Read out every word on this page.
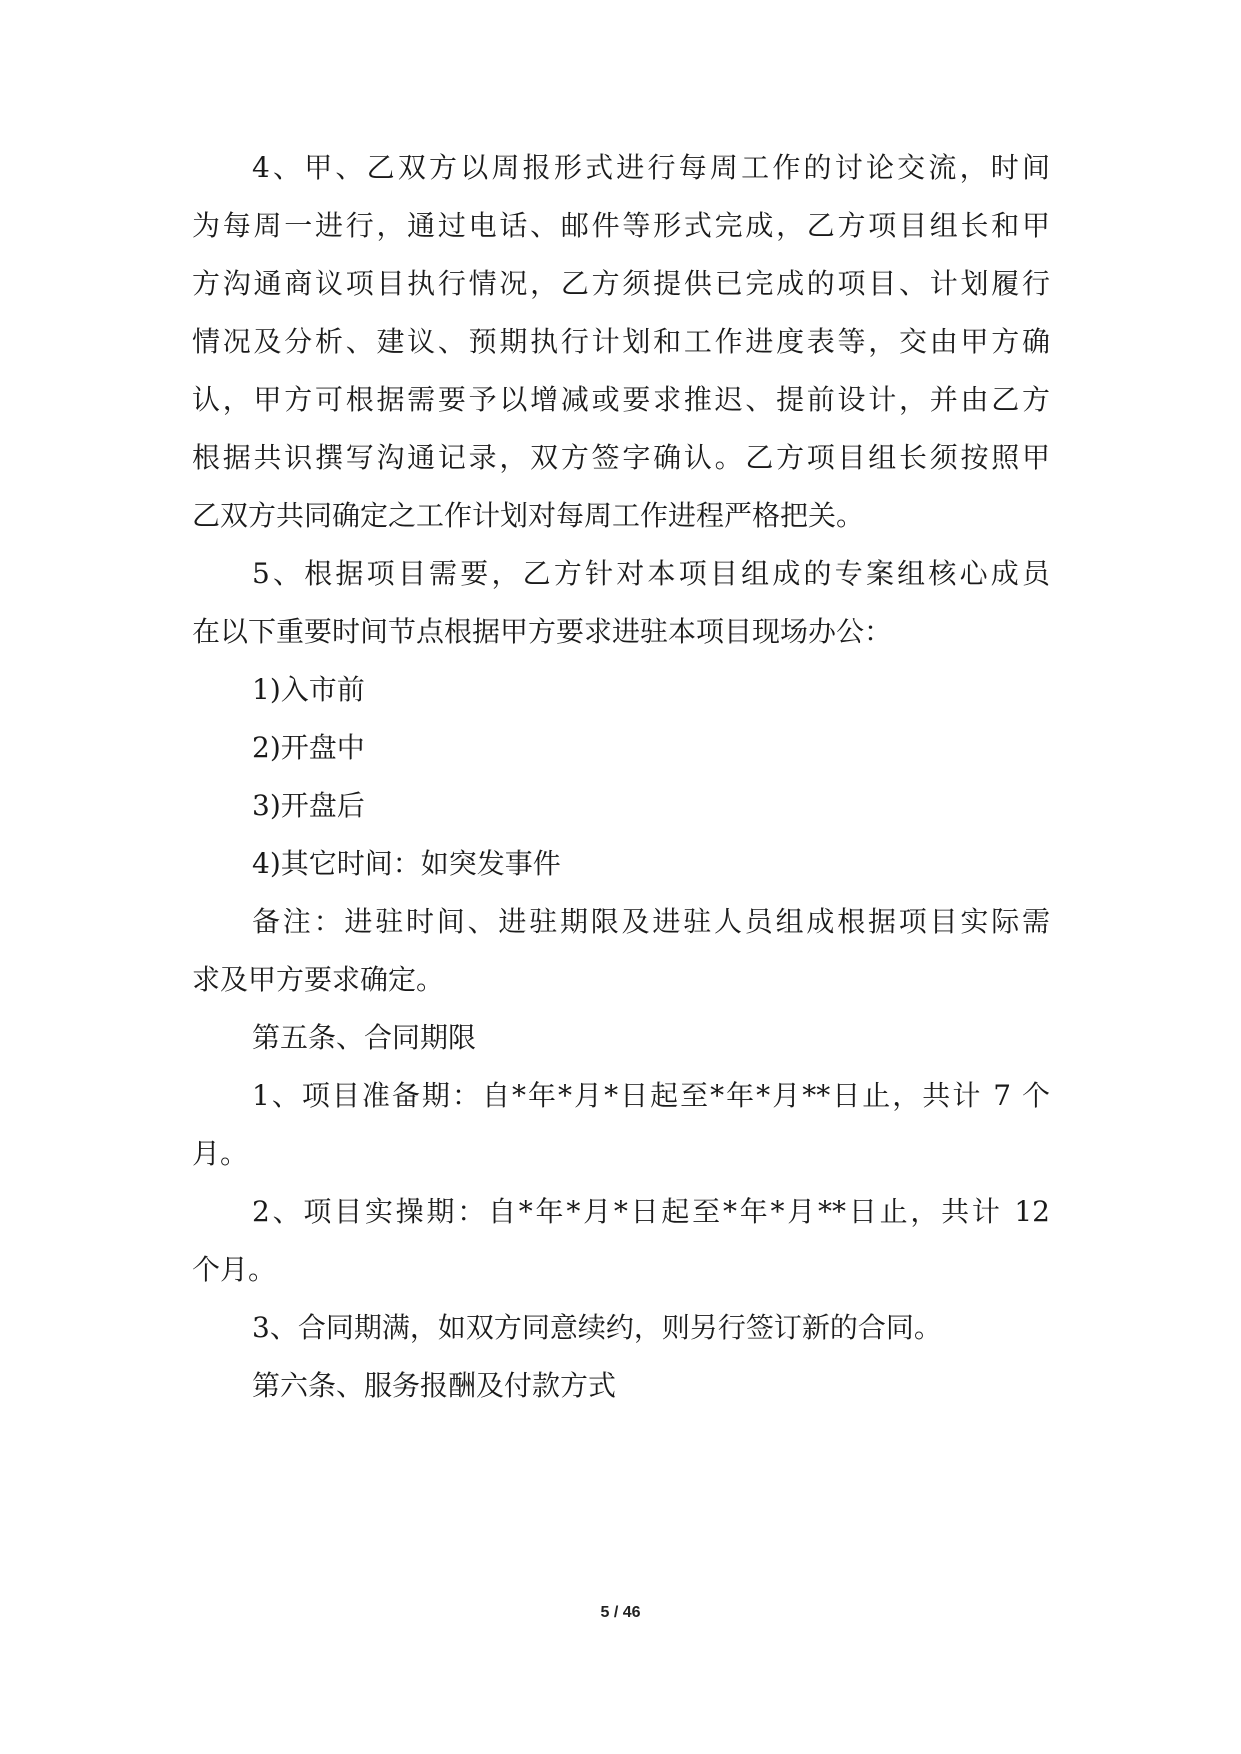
4、甲、乙双方以周报形式进行每周工作的讨论交流，时间

为每周一进行，通过电话、邮件等形式完成，乙方项目组长和甲

方沟通商议项目执行情况，乙方须提供已完成的项目、计划履行

情况及分析、建议、预期执行计划和工作进度表等，交由甲方确

认，甲方可根据需要予以增减或要求推迟、提前设计，并由乙方

根据共识撰写沟通记录，双方签字确认。乙方项目组长须按照甲

乙双方共同确定之工作计划对每周工作进程严格把关。

5、根据项目需要，乙方针对本项目组成的专案组核心成员

在以下重要时间节点根据甲方要求进驻本项目现场办公：

1)入市前

2)开盘中

3)开盘后

4)其它时间：如突发事件

备注：进驻时间、进驻期限及进驻人员组成根据项目实际需

求及甲方要求确定。

第五条、合同期限

1、项目准备期：自*年*月*日起至*年*月**日止，共计 7 个

月。

2、项目实操期：自*年*月*日起至*年*月**日止，共计 12

个月。

3、合同期满，如双方同意续约，则另行签订新的合同。

第六条、服务报酬及付款方式

5 / 46
